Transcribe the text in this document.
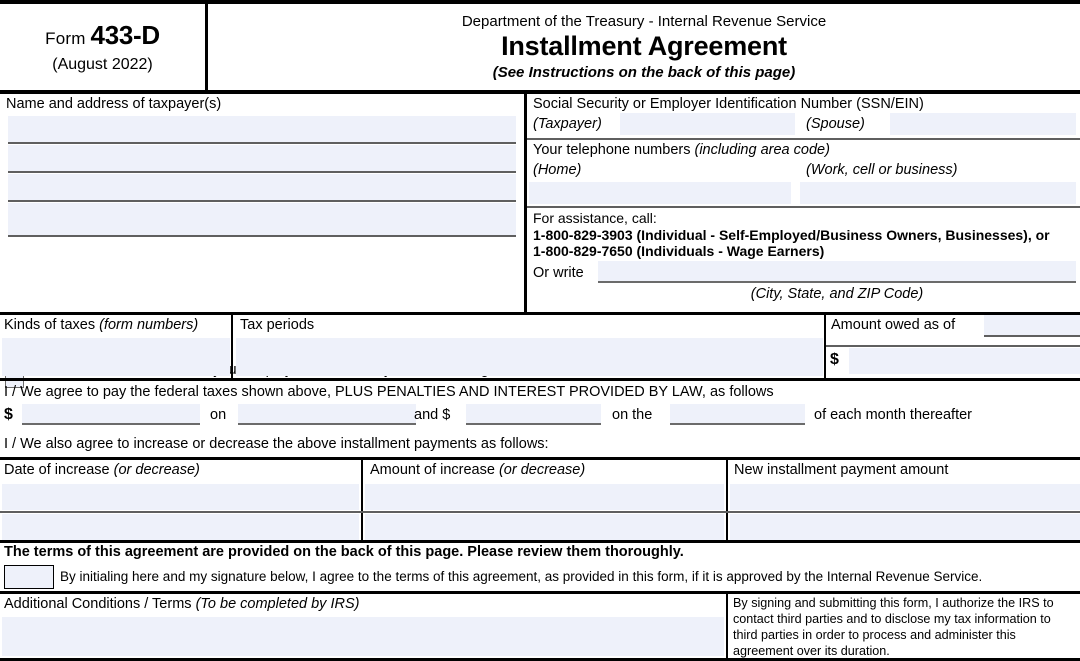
Form 433-D
(August 2022)
Department of the Treasury - Internal Revenue Service
Installment Agreement
(See Instructions on the back of this page)
Name and address of taxpayer(s)	Social Security or Employer Identification Number (SSN/EIN)
(Taxpayer)	(Spouse)
Your telephone numbers (including area code)
(Home)	(Work, cell or business)
For assistance, call:
1-800-829-3903 (Individual - Self-Employed/Business Owners, Businesses), or
1-800-829-7650 (Individuals - Wage Earners)
Or write
(City, State, and ZIP Code)
Kinds of taxes (form numbers)	Tax periods	Amount owed as of
$
I / We agree to pay the federal taxes shown above, PLUS PENALTIES AND INTEREST PROVIDED BY LAW, as follows
$	on	and $	on the	of each month thereafter
I / We also agree to increase or decrease the above installment payments as follows:
Date of increase (or decrease)	Amount of increase (or decrease)	New installment payment amount
The terms of this agreement are provided on the back of this page. Please review them thoroughly.
By initialing here and my signature below, I agree to the terms of this agreement, as provided in this form, if it is approved by the Internal Revenue Service.
Additional Conditions / Terms (To be completed by IRS)	By signing and submitting this form, I authorize the IRS to contact third parties and to disclose my tax information to third parties in order to process and administer this agreement over its duration.
